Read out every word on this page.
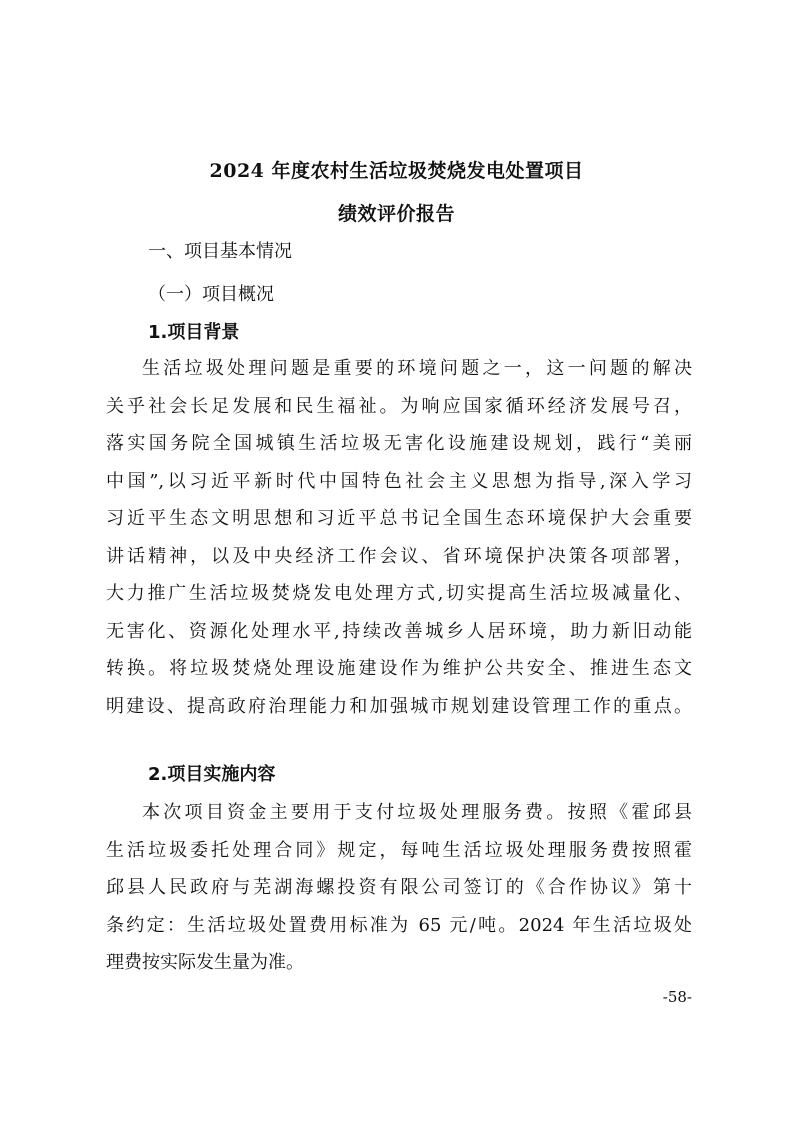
2024 年度农村生活垃圾焚烧发电处置项目
绩效评价报告

一、项目基本情况

（一）项目概况

1.项目背景

生活垃圾处理问题是重要的环境问题之一，这一问题的解决
关乎社会长足发展和民生福祉。为响应国家循环经济发展号召，
落实国务院全国城镇生活垃圾无害化设施建设规划，践行“美丽
中国”,以习近平新时代中国特色社会主义思想为指导,深入学习
习近平生态文明思想和习近平总书记全国生态环境保护大会重要
讲话精神，以及中央经济工作会议、省环境保护决策各项部署，
大力推广生活垃圾焚烧发电处理方式,切实提高生活垃圾减量化、
无害化、资源化处理水平,持续改善城乡人居环境，助力新旧动能
转换。将垃圾焚烧处理设施建设作为维护公共安全、推进生态文
明建设、提高政府治理能力和加强城市规划建设管理工作的重点。

2.项目实施内容

本次项目资金主要用于支付垃圾处理服务费。按照《霍邱县
生活垃圾委托处理合同》规定，每吨生活垃圾处理服务费按照霍
邱县人民政府与芜湖海螺投资有限公司签订的《合作协议》第十
条约定：生活垃圾处置费用标准为 65 元/吨。2024 年生活垃圾处
理费按实际发生量为准。

-58-
